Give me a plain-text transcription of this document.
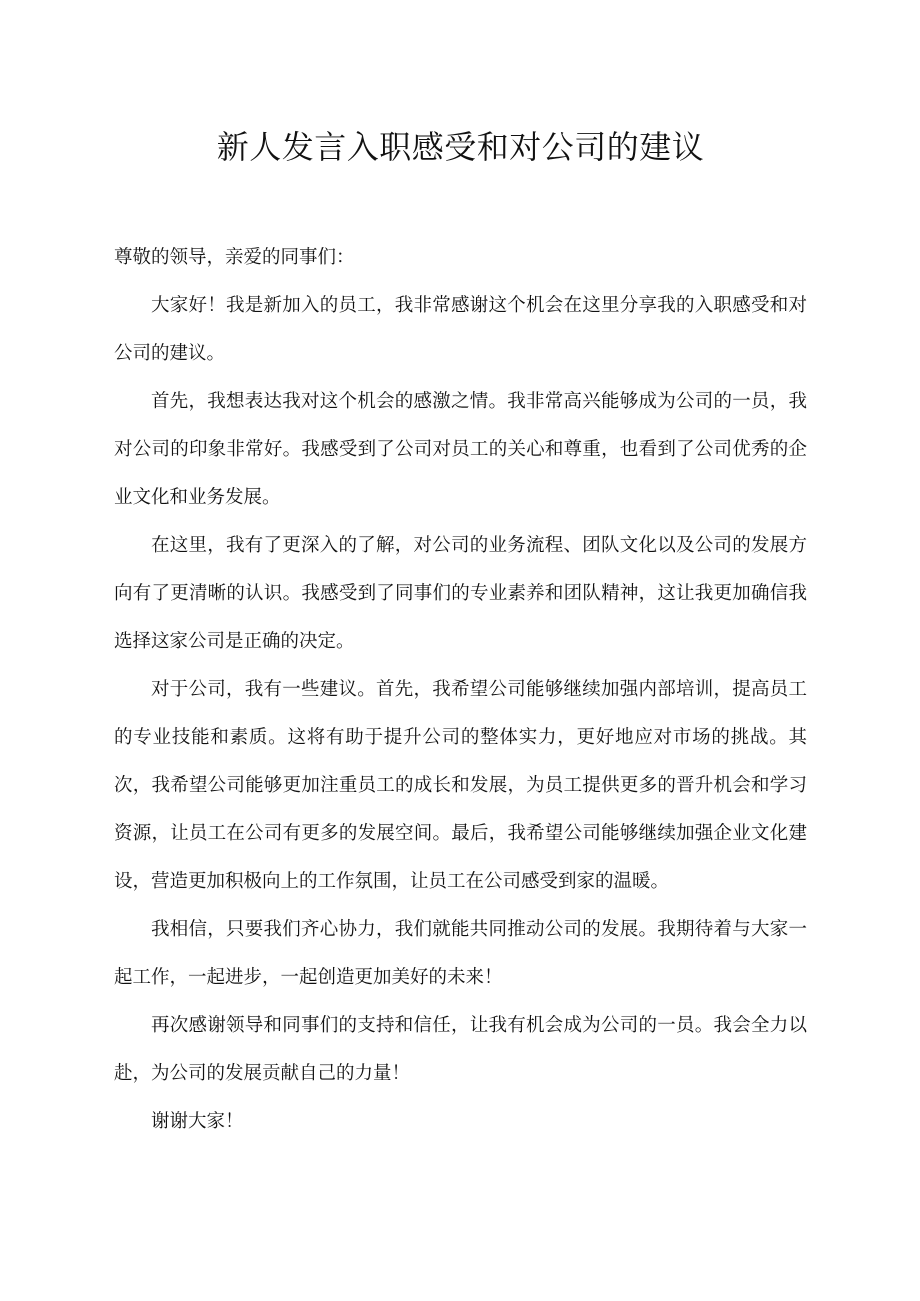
新人发言入职感受和对公司的建议

尊敬的领导，亲爱的同事们：

大家好！我是新加入的员工，我非常感谢这个机会在这里分享我的入职感受和对公司的建议。

首先，我想表达我对这个机会的感激之情。我非常高兴能够成为公司的一员，我对公司的印象非常好。我感受到了公司对员工的关心和尊重，也看到了公司优秀的企业文化和业务发展。

在这里，我有了更深入的了解，对公司的业务流程、团队文化以及公司的发展方向有了更清晰的认识。我感受到了同事们的专业素养和团队精神，这让我更加确信我选择这家公司是正确的决定。

对于公司，我有一些建议。首先，我希望公司能够继续加强内部培训，提高员工的专业技能和素质。这将有助于提升公司的整体实力，更好地应对市场的挑战。其次，我希望公司能够更加注重员工的成长和发展，为员工提供更多的晋升机会和学习资源，让员工在公司有更多的发展空间。最后，我希望公司能够继续加强企业文化建设，营造更加积极向上的工作氛围，让员工在公司感受到家的温暖。

我相信，只要我们齐心协力，我们就能共同推动公司的发展。我期待着与大家一起工作，一起进步，一起创造更加美好的未来！

再次感谢领导和同事们的支持和信任，让我有机会成为公司的一员。我会全力以赴，为公司的发展贡献自己的力量！

谢谢大家！
